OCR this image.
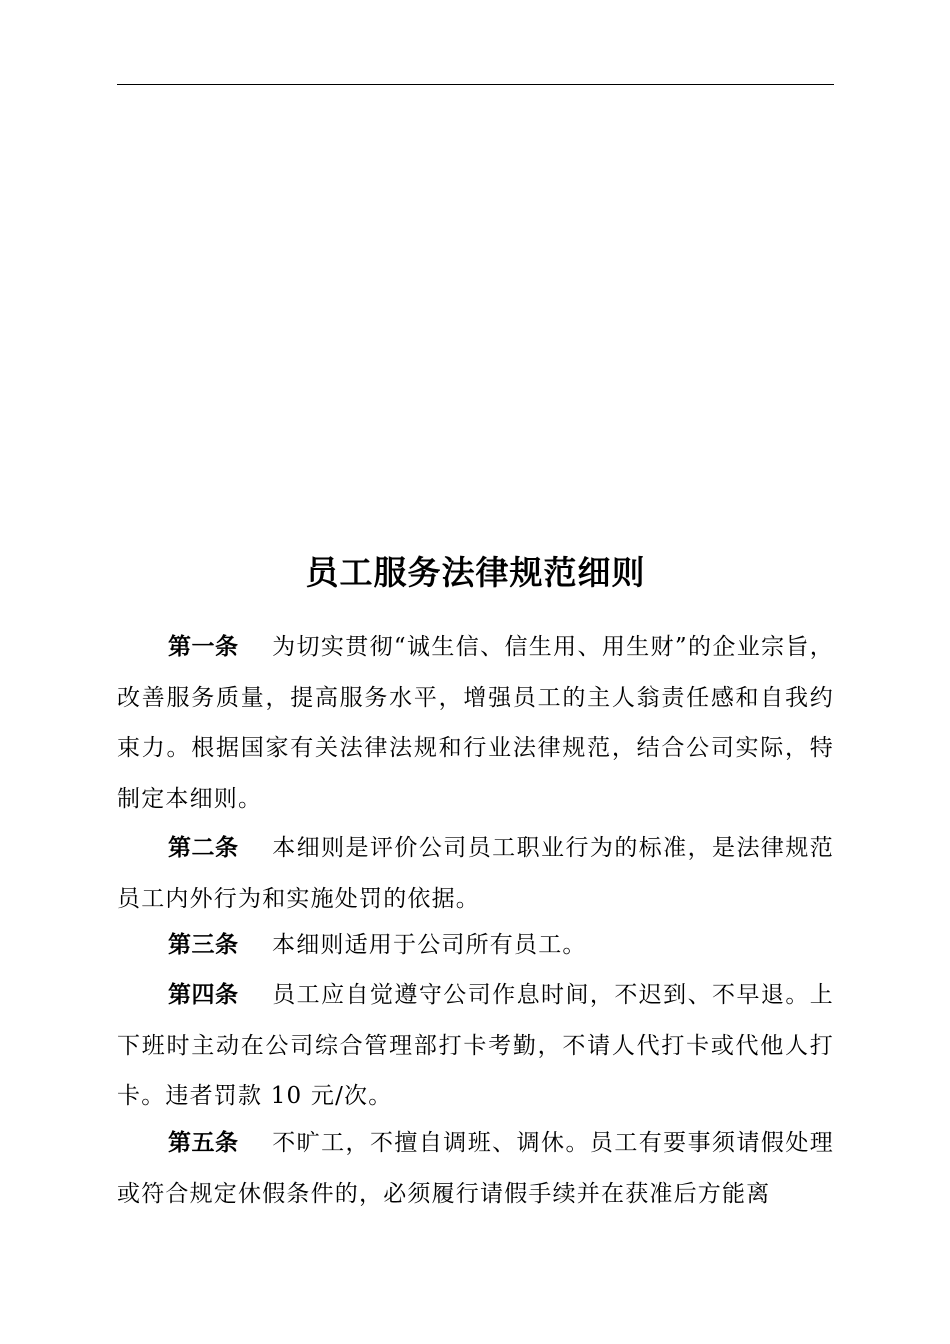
员工服务法律规范细则
第一条 为切实贯彻“诚生信、信生用、用生财”的企业宗旨，改善服务质量，提高服务水平，增强员工的主人翁责任感和自我约束力。根据国家有关法律法规和行业法律规范，结合公司实际，特制定本细则。
第二条 本细则是评价公司员工职业行为的标准，是法律规范员工内外行为和实施处罚的依据。
第三条 本细则适用于公司所有员工。
第四条 员工应自觉遵守公司作息时间，不迟到、不早退。上下班时主动在公司综合管理部打卡考勤，不请人代打卡或代他人打卡。违者罚款 10 元/次。
第五条 不旷工，不擅自调班、调休。员工有要事须请假处理或符合规定休假条件的，必须履行请假手续并在获准后方能离
